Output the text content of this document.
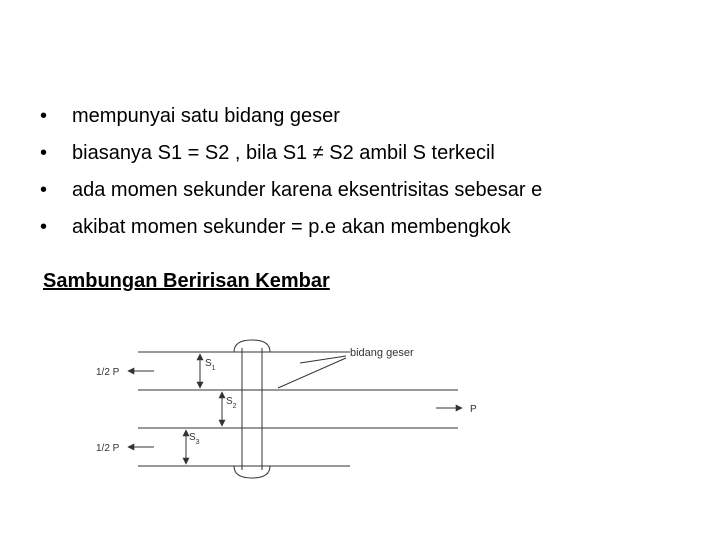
• mempunyai satu bidang geser
• biasanya S1 = S2 , bila S1 ≠ S2 ambil S terkecil
• ada momen sekunder karena eksentrisitas sebesar e
• akibat momen sekunder = p.e akan membengkok
Sambungan Beririsan Kembar
bidang geser
1/2 P
1/2 P
P
$S_1$
$S_2$
$S_3$
